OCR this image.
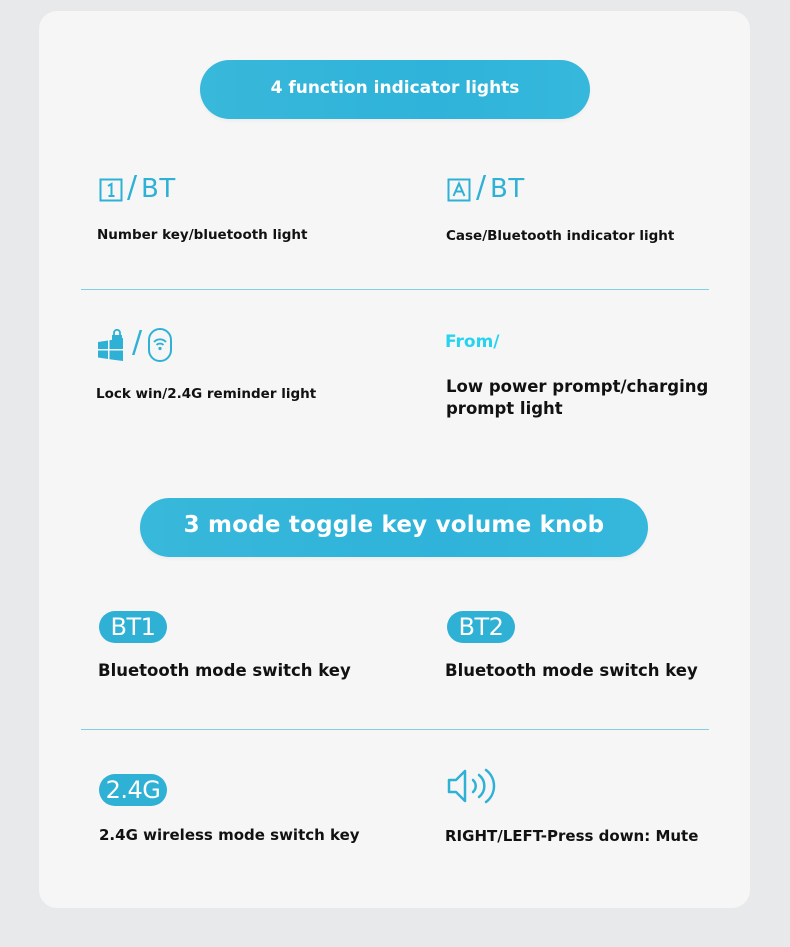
4 function indicator lights
/ BT
Number key/bluetooth light
/ BT
Case/Bluetooth indicator light
/
Lock win/2.4G reminder light
From/
Low power prompt/charging
prompt light
3 mode toggle key volume knob
BT1
Bluetooth mode switch key
BT2
Bluetooth mode switch key
2.4G
2.4G wireless mode switch key	RIGHT/LEFT-Press down: Mute
